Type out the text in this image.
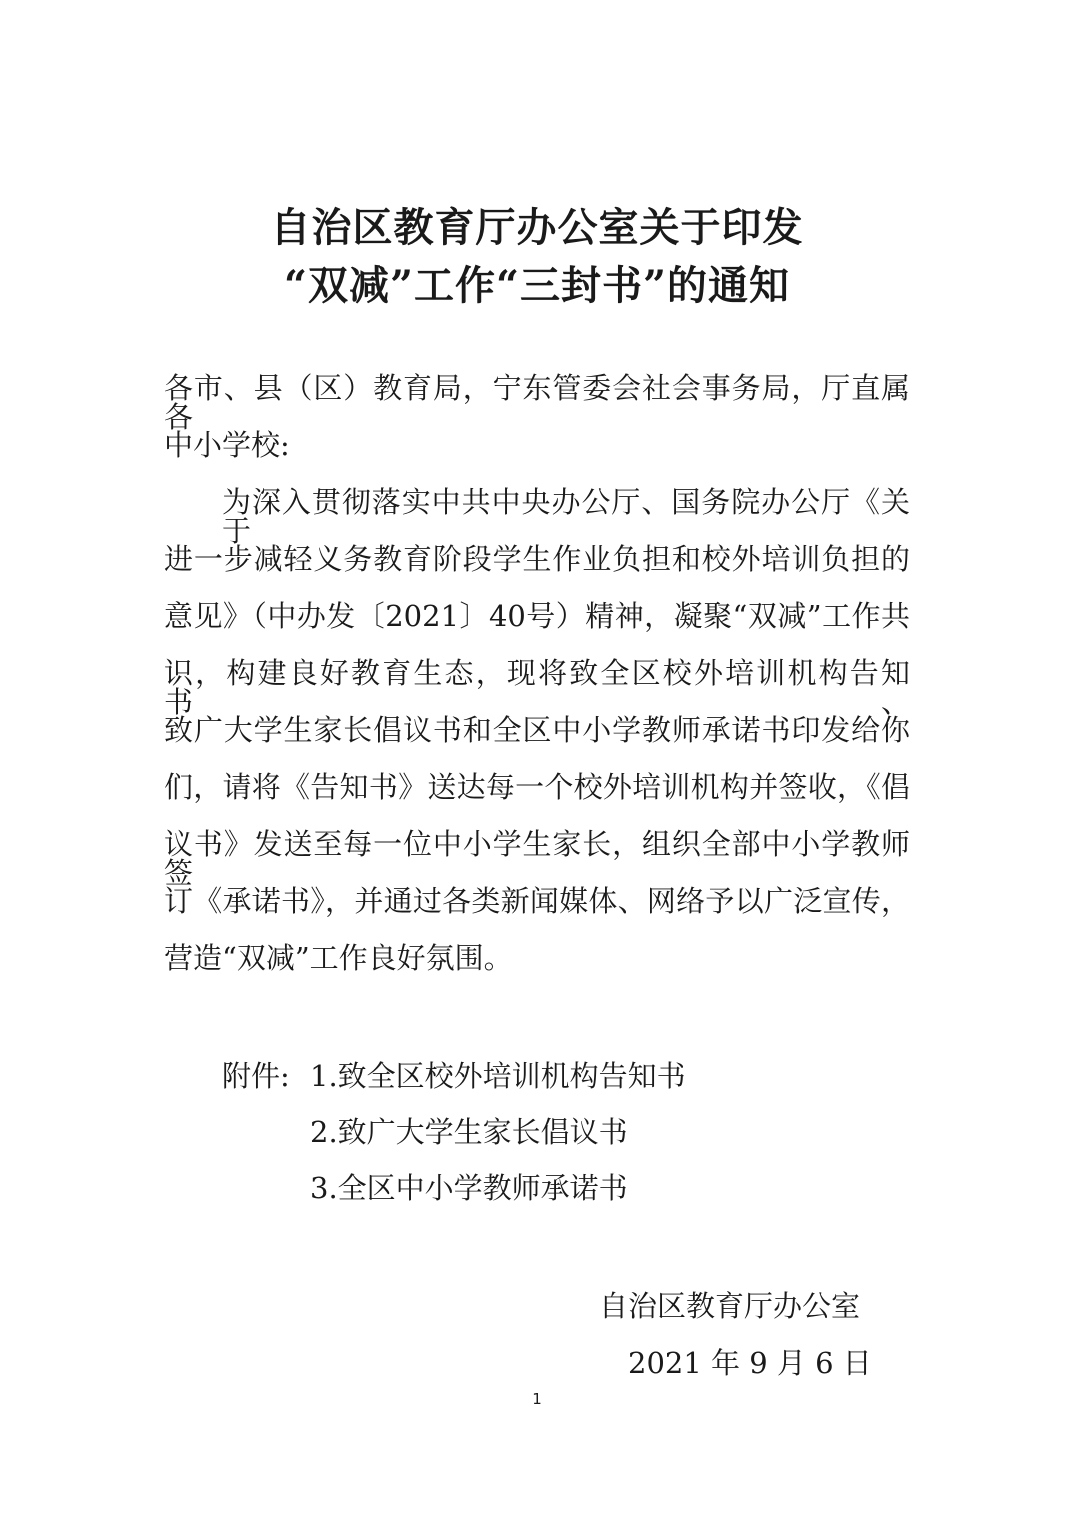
自治区教育厅办公室关于印发
“双减”工作“三封书”的通知
各市、县（区）教育局，宁东管委会社会事务局，厅直属各
中小学校:
为深入贯彻落实中共中央办公厅、国务院办公厅《关于
进一步减轻义务教育阶段学生作业负担和校外培训负担的
意见》（中办发〔2021〕40号）精神，凝聚“双减”工作共
识，构建良好教育生态，现将致全区校外培训机构告知书、
致广大学生家长倡议书和全区中小学教师承诺书印发给你
们，请将《告知书》送达每一个校外培训机构并签收，《倡
议书》发送至每一位中小学生家长，组织全部中小学教师签
订《承诺书》，并通过各类新闻媒体、网络予以广泛宣传，
营造“双减”工作良好氛围。
附件: 1.致全区校外培训机构告知书
2.致广大学生家长倡议书
3.全区中小学教师承诺书
自治区教育厅办公室
2021 年 9 月 6 日
1
